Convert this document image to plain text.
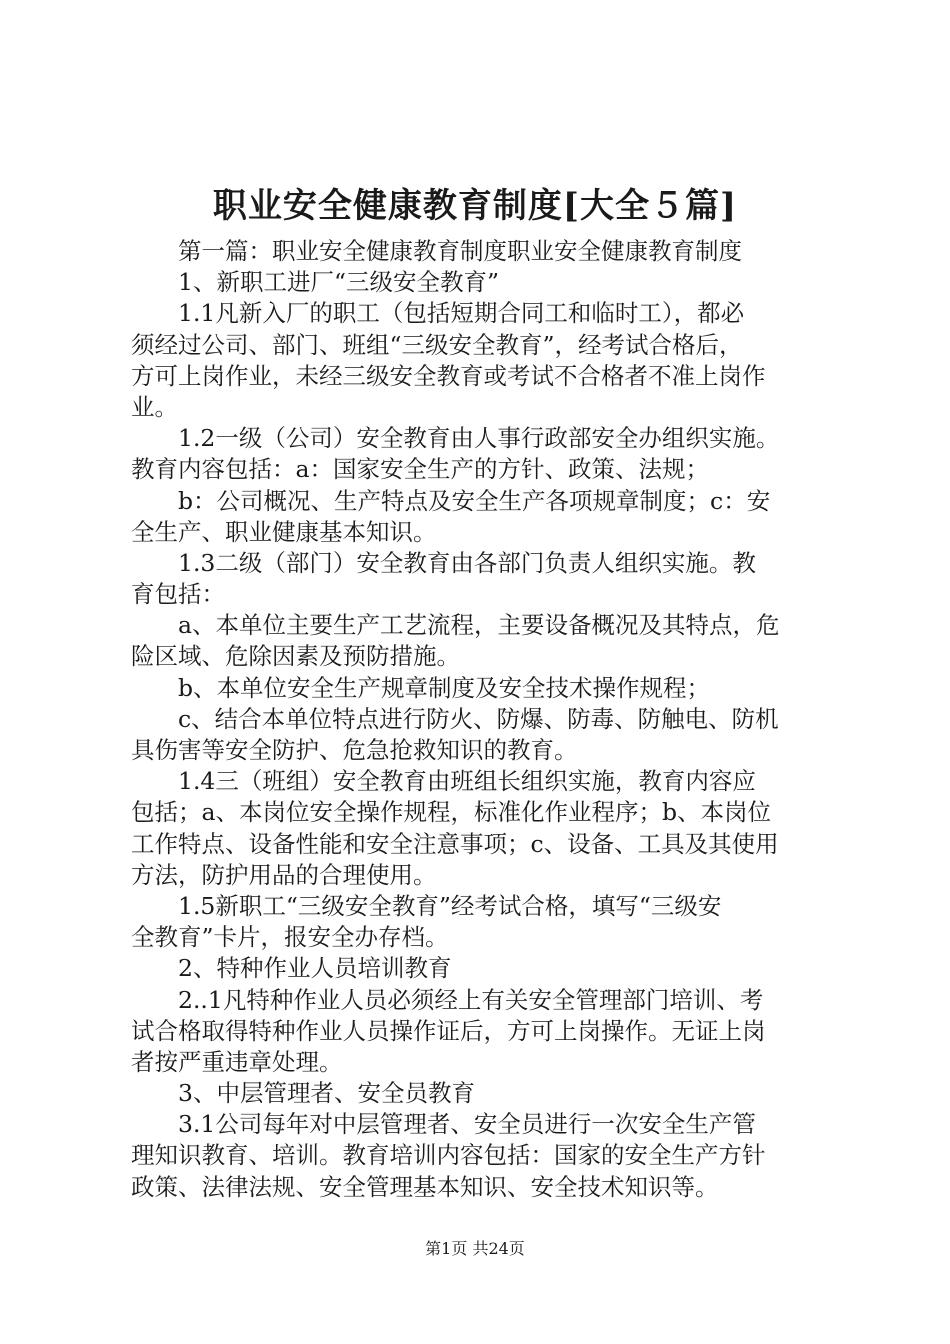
职业安全健康教育制度[大全５篇]
　　第一篇：职业安全健康教育制度职业安全健康教育制度
　　1、新职工进厂“三级安全教育”
　　1.1凡新入厂的职工（包括短期合同工和临时工），都必
须经过公司、部门、班组“三级安全教育”，经考试合格后，
方可上岗作业，未经三级安全教育或考试不合格者不准上岗作
业。
　　1.2一级（公司）安全教育由人事行政部安全办组织实施。
教育内容包括：a：国家安全生产的方针、政策、法规；
　　b：公司概况、生产特点及安全生产各项规章制度；c：安
全生产、职业健康基本知识。
　　1.3二级（部门）安全教育由各部门负责人组织实施。教
育包括：
　　a、本单位主要生产工艺流程，主要设备概况及其特点，危
险区域、危除因素及预防措施。
　　b、本单位安全生产规章制度及安全技术操作规程；
　　c、结合本单位特点进行防火、防爆、防毒、防触电、防机
具伤害等安全防护、危急抢救知识的教育。
　　1.4三（班组）安全教育由班组长组织实施，教育内容应
包括；a、本岗位安全操作规程，标准化作业程序；b、本岗位
工作特点、设备性能和安全注意事项；c、设备、工具及其使用
方法，防护用品的合理使用。
　　1.5新职工“三级安全教育”经考试合格，填写“三级安
全教育”卡片，报安全办存档。
　　2、特种作业人员培训教育
　　2..1凡特种作业人员必须经上有关安全管理部门培训、考
试合格取得特种作业人员操作证后，方可上岗操作。无证上岗
者按严重违章处理。
　　3、中层管理者、安全员教育
　　3.1公司每年对中层管理者、安全员进行一次安全生产管
理知识教育、培训。教育培训内容包括：国家的安全生产方针
政策、法律法规、安全管理基本知识、安全技术知识等。
第1页 共24页
